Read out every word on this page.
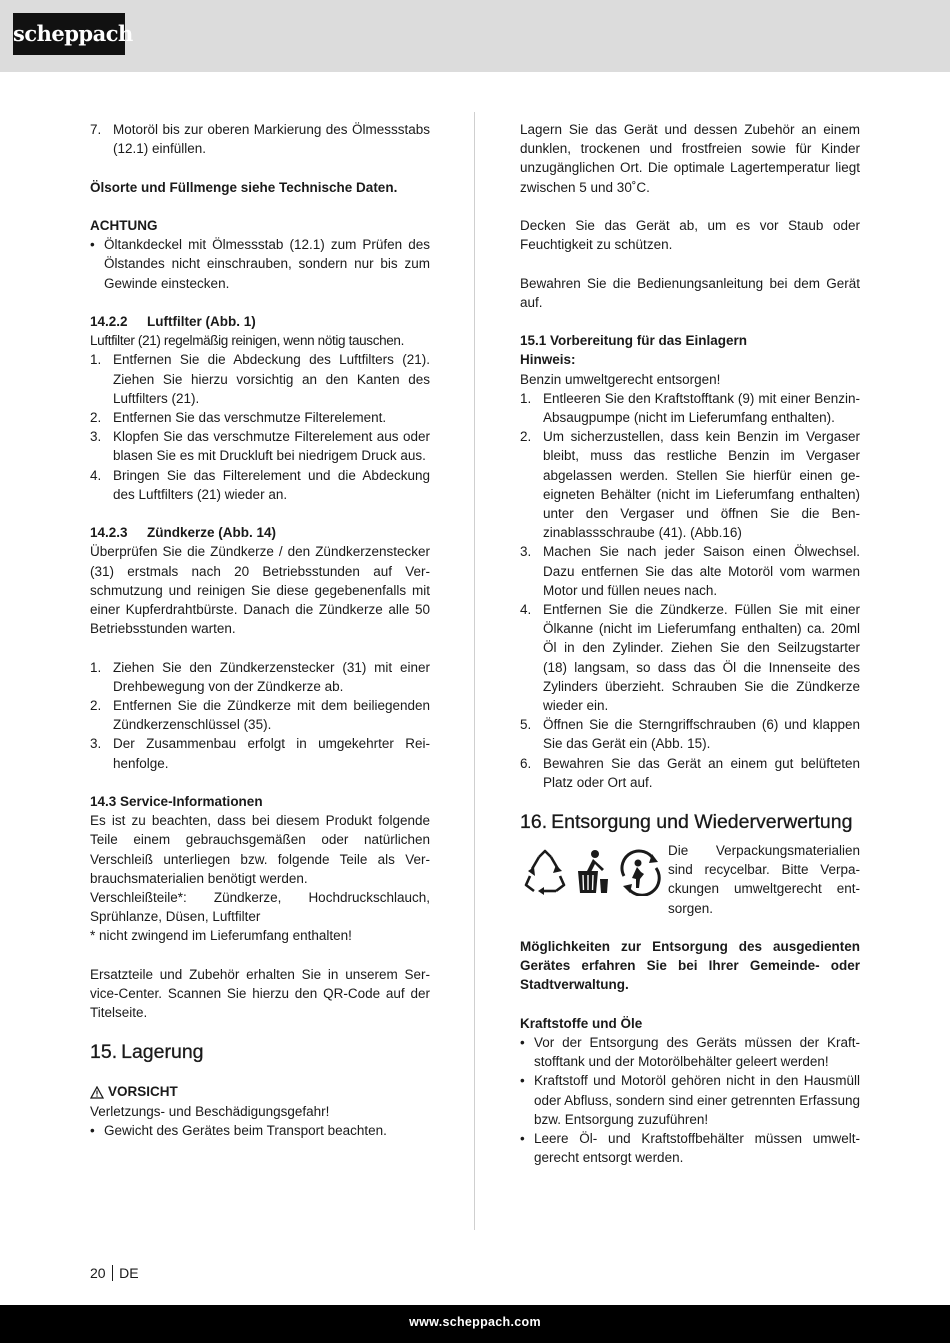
scheppach
7. Motoröl bis zur oberen Markierung des Ölmessstabs (12.1) einfüllen.

Ölsorte und Füllmenge siehe Technische Daten.

ACHTUNG

• Öltankdeckel mit Ölmessstab (12.1) zum Prüfen des Ölstandes nicht einschrauben, sondern nur bis zum Gewinde einstecken.
14.2.2	Luftfilter (Abb. 1)

Luftfilter (21) regelmäßig reinigen, wenn nötig tauschen.

1. Entfernen Sie die Abdeckung des Luftfilters (21). Ziehen Sie hierzu vorsichtig an den Kanten des Luftfilters (21).
2. Entfernen Sie das verschmutze Filterelement.
3. Klopfen Sie das verschmutze Filterelement aus oder blasen Sie es mit Druckluft bei niedrigem Druck aus.
4. Bringen Sie das Filterelement und die Abdeckung des Luftfilters (21) wieder an.
14.2.3	Zündkerze (Abb. 14)

Überprüfen Sie die Zündkerze / den Zündkerzenstecker (31) erstmals nach 20 Betriebsstunden auf Verschmutzung und reinigen Sie diese gegebenenfalls mit einer Kupferdrahtbürste. Danach die Zündkerze alle 50 Betriebsstunden warten.

1. Ziehen Sie den Zündkerzenstecker (31) mit einer Drehbewegung von der Zündkerze ab.
2. Entfernen Sie die Zündkerze mit dem beiliegenden Zündkerzenschlüssel (35).
3. Der Zusammenbau erfolgt in umgekehrter Reihenfolge.

14.3 Service-Informationen

Es ist zu beachten, dass bei diesem Produkt folgende Teile einem gebrauchsgemäßen oder natürlichen Verschleiß unterliegen bzw. folgende Teile als Verbrauchsmaterialien benötigt werden.

Verschleißteile*: Zündkerze, Hochdruckschlauch, Sprühlanze, Düsen, Luftfilter

* nicht zwingend im Lieferumfang enthalten!

Ersatzteile und Zubehör erhalten Sie in unserem Service-Center. Scannen Sie hierzu den QR-Code auf der Titelseite.

15. Lagerung
VORSICHT

Verletzungs- und Beschädigungsgefahr!

• Gewicht des Gerätes beim Transport beachten.

Lagern Sie das Gerät und dessen Zubehör an einem dunklen, trockenen und frostfreien sowie für Kinder unzugänglichen Ort. Die optimale Lagertemperatur liegt zwischen 5 und 30˚C.

Decken Sie das Gerät ab, um es vor Staub oder Feuchtigkeit zu schützen.

Bewahren Sie die Bedienungsanleitung bei dem Gerät auf.

15.1 Vorbereitung für das Einlagern

Hinweis:

Benzin umweltgerecht entsorgen!

1. Entleeren Sie den Kraftstofftank (9) mit einer Benzin-Absaugpumpe (nicht im Lieferumfang enthalten).
2. Um sicherzustellen, dass kein Benzin im Vergaser bleibt, muss das restliche Benzin im Vergaser abgelassen werden. Stellen Sie hierfür einen geeigneten Behälter (nicht im Lieferumfang enthalten) unter den Vergaser und öffnen Sie die Benzinablassschraube (41). (Abb.16)
3. Machen Sie nach jeder Saison einen Ölwechsel. Dazu entfernen Sie das alte Motoröl vom warmen Motor und füllen neues nach.
4. Entfernen Sie die Zündkerze. Füllen Sie mit einer Ölkanne (nicht im Lieferumfang enthalten) ca. 20ml Öl in den Zylinder. Ziehen Sie den Seilzugstarter (18) langsam, so dass das Öl die Innenseite des Zylinders überzieht. Schrauben Sie die Zündkerze wieder ein.
5. Öffnen Sie die Sterngriffschrauben (6) und klappen Sie das Gerät ein (Abb. 15).
6. Bewahren Sie das Gerät an einem gut belüfteten Platz oder Ort auf.
16. Entsorgung und Wiederverwertung

Die Verpackungsmaterialien sind recycelbar. Bitte Verpackungen umweltgerecht entsorgen.

Möglichkeiten zur Entsorgung des ausgedienten Gerätes erfahren Sie bei Ihrer Gemeinde- oder Stadtverwaltung.

Kraftstoffe und Öle

• Vor der Entsorgung des Geräts müssen der Kraftstofftank und der Motorölbehälter geleert werden!
• Kraftstoff und Motoröl gehören nicht in den Hausmüll oder Abfluss, sondern sind einer getrennten Erfassung bzw. Entsorgung zuzuführen!
• Leere Öl- und Kraftstoffbehälter müssen umweltgerecht entsorgt werden.
20 DE
www.scheppach.com
